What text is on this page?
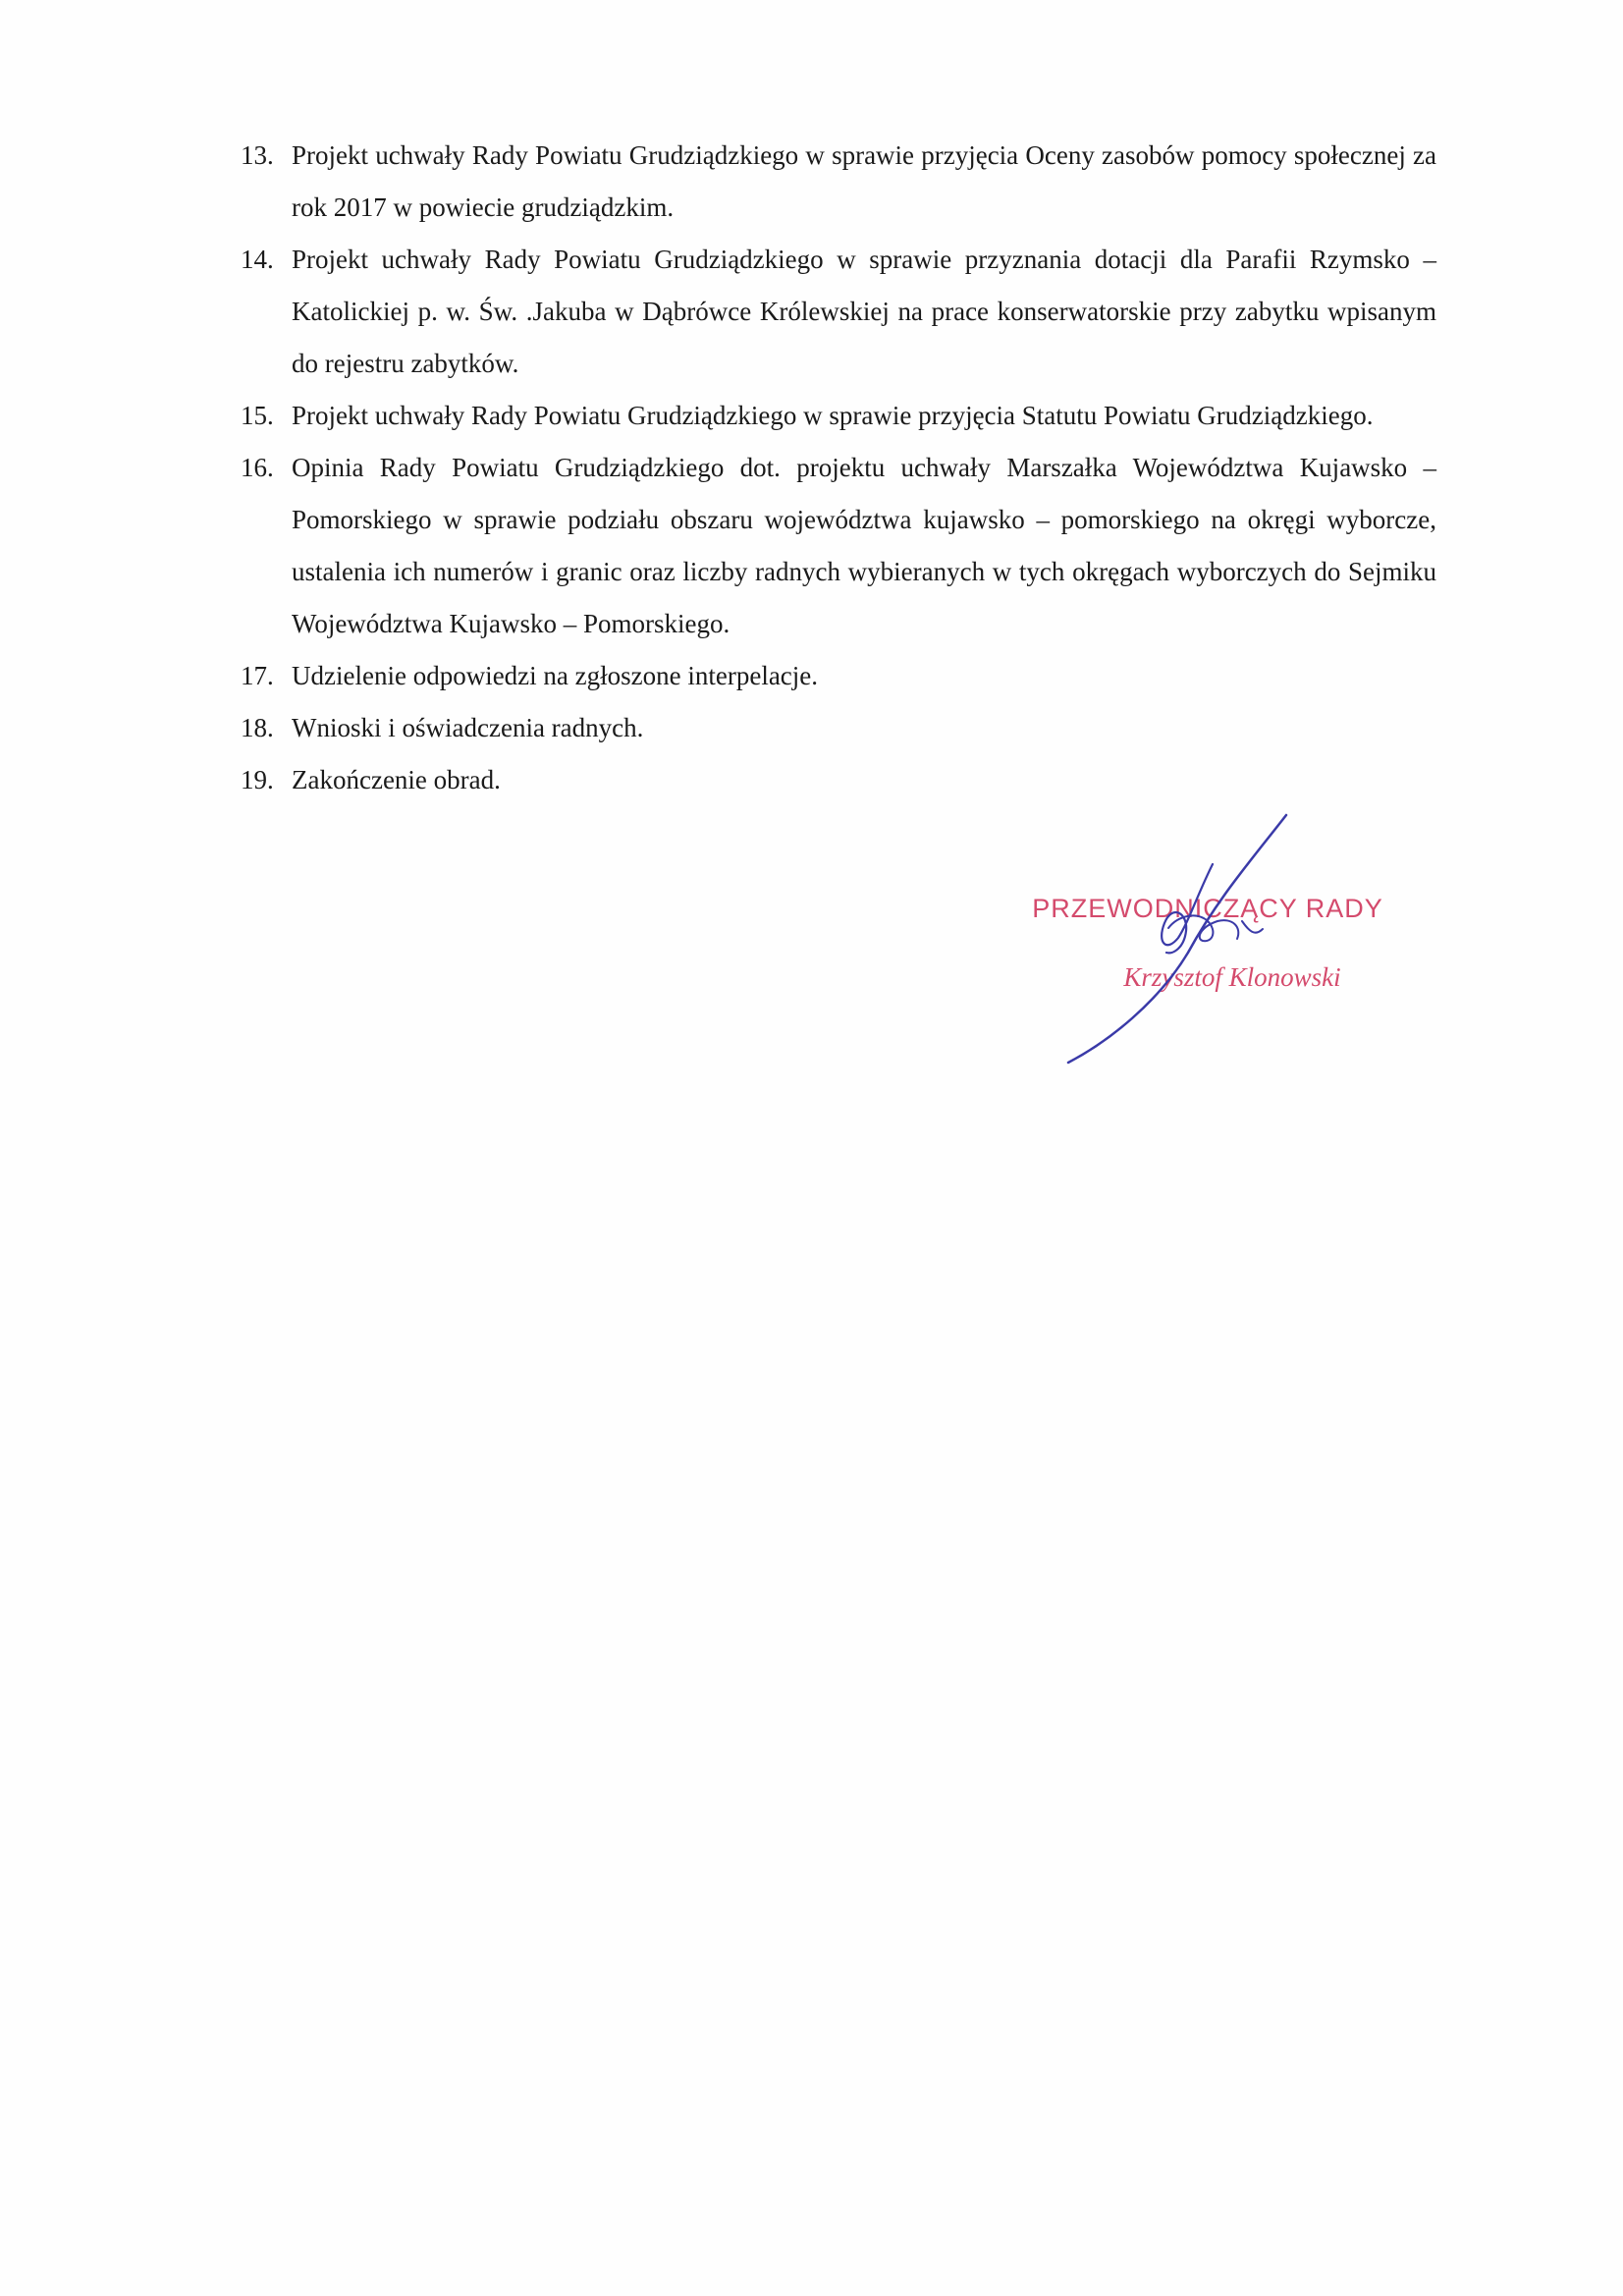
13. Projekt uchwały Rady Powiatu Grudziądzkiego w sprawie przyjęcia Oceny zasobów pomocy społecznej za rok 2017 w powiecie grudziądzkim.
14. Projekt uchwały Rady Powiatu Grudziądzkiego w sprawie przyznania dotacji dla Parafii Rzymsko – Katolickiej p. w. Św. .Jakuba w Dąbrówce Królewskiej na prace konserwatorskie przy zabytku wpisanym do rejestru zabytków.
15. Projekt uchwały Rady Powiatu Grudziądzkiego w sprawie przyjęcia Statutu Powiatu Grudziądzkiego.
16. Opinia Rady Powiatu Grudziądzkiego dot. projektu uchwały Marszałka Województwa Kujawsko – Pomorskiego w sprawie podziału obszaru województwa kujawsko – pomorskiego na okręgi wyborcze, ustalenia ich numerów i granic oraz liczby radnych wybieranych w tych okręgach wyborczych do Sejmiku Województwa Kujawsko – Pomorskiego.
17. Udzielenie odpowiedzi na zgłoszone interpelacje.
18. Wnioski i oświadczenia radnych.
19. Zakończenie obrad.
PRZEWODNICZĄCY RADY
Krzysztof Klonowski
